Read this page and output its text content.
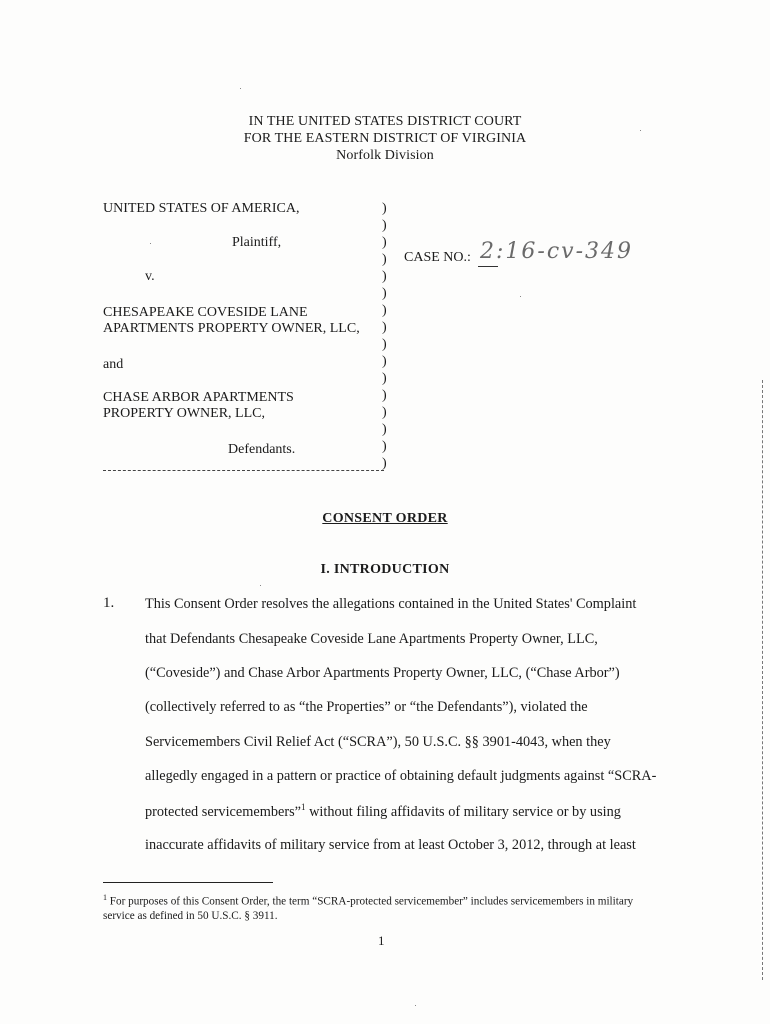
IN THE UNITED STATES DISTRICT COURT
FOR THE EASTERN DISTRICT OF VIRGINIA
Norfolk Division
UNITED STATES OF AMERICA,
Plaintiff,
v.
CHESAPEAKE COVESIDE LANE
APARTMENTS PROPERTY OWNER, LLC,
and
CHASE ARBOR APARTMENTS
PROPERTY OWNER, LLC,
Defendants.
)
)
)
)
)
)
)
)
)
)
)
)
)
)
)
)
CASE NO.: 2:16-cv-349
CONSENT ORDER
I. INTRODUCTION
1. This Consent Order resolves the allegations contained in the United States' Complaint
that Defendants Chesapeake Coveside Lane Apartments Property Owner, LLC,
(“Coveside”) and Chase Arbor Apartments Property Owner, LLC, (“Chase Arbor”)
(collectively referred to as “the Properties” or “the Defendants”), violated the
Servicemembers Civil Relief Act (“SCRA”), 50 U.S.C. §§ 3901-4043, when they
allegedly engaged in a pattern or practice of obtaining default judgments against “SCRA-
protected servicemembers”$^1$ without filing affidavits of military service or by using
inaccurate affidavits of military service from at least October 3, 2012, through at least
$^1$ For purposes of this Consent Order, the term “SCRA-protected servicemember” includes servicemembers in military service as defined in 50 U.S.C. § 3911.
1
